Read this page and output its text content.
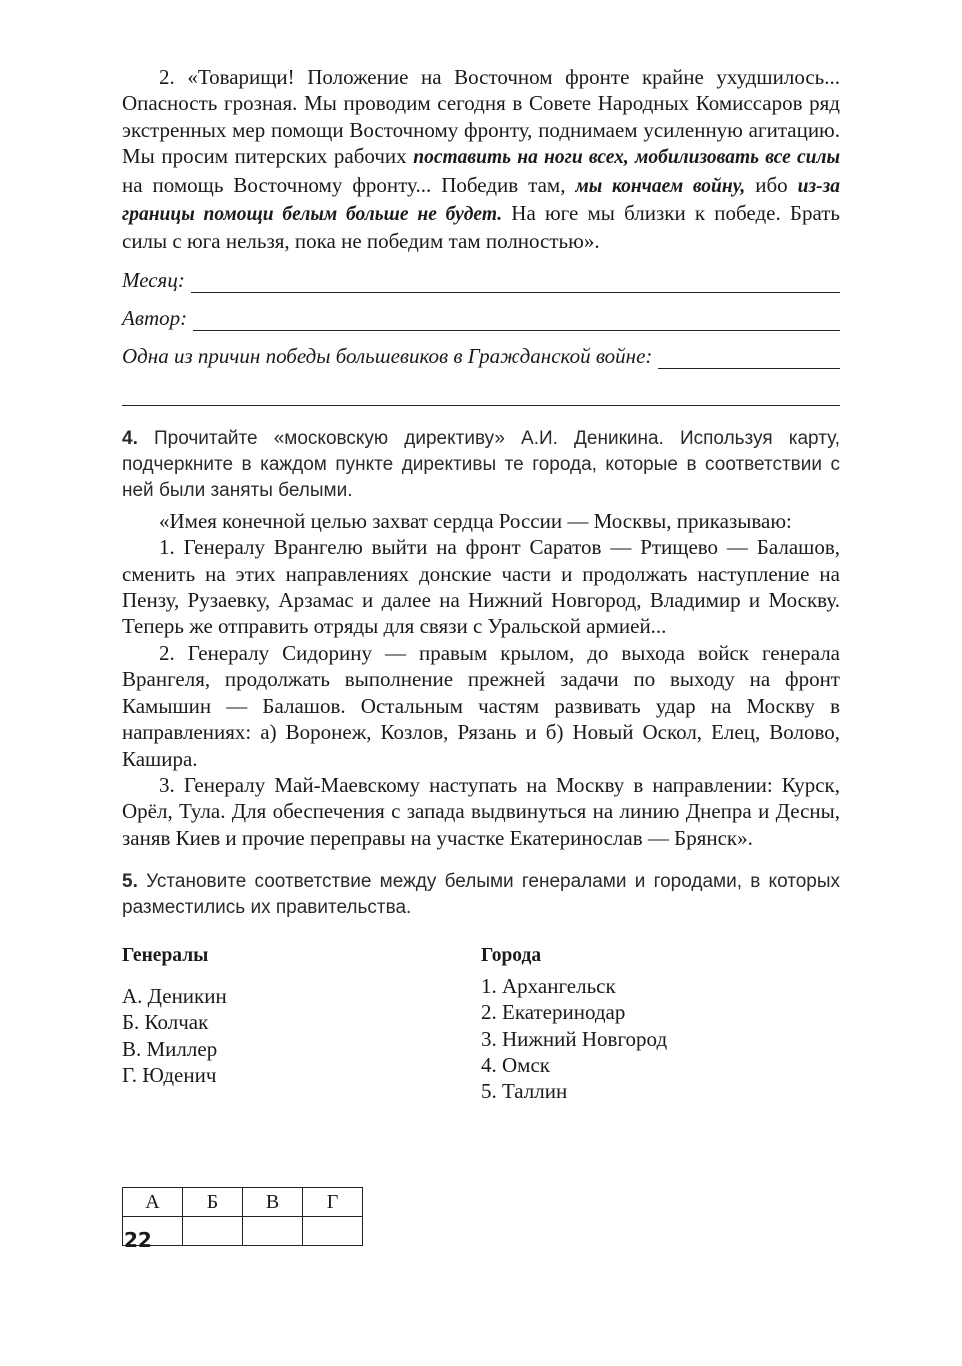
2. «Товарищи! Положение на Восточном фронте крайне ухудшилось... Опасность грозная. Мы проводим сегодня в Совете Народных Комиссаров ряд экстренных мер помощи Восточному фронту, поднимаем усиленную агитацию. Мы просим питерских рабочих поставить на ноги всех, мобилизовать все силы на помощь Восточному фронту... Победив там, мы кончаем войну, ибо из-за границы помощи белым больше не будет. На юге мы близки к победе. Брать силы с юга нельзя, пока не победим там полностью».

Месяц:
Автор:
Одна из причин победы большевиков в Гражданской войне:

4. Прочитайте «московскую директиву» А.И. Деникина. Используя карту, подчеркните в каждом пункте директивы те города, которые в соответствии с ней были заняты белыми.

«Имея конечной целью захват сердца России — Москвы, приказываю:

1. Генералу Врангелю выйти на фронт Саратов — Ртищево — Балашов, сменить на этих направлениях донские части и продолжать наступление на Пензу, Рузаевку, Арзамас и далее на Нижний Новгород, Владимир и Москву. Теперь же отправить отряды для связи с Уральской армией...

2. Генералу Сидорину — правым крылом, до выхода войск генерала Врангеля, продолжать выполнение прежней задачи по выходу на фронт Камышин — Балашов. Остальным частям развивать удар на Москву в направлениях: а) Воронеж, Козлов, Рязань и б) Новый Оскол, Елец, Волово, Кашира.

3. Генералу Май-Маевскому наступать на Москву в направлении: Курск, Орёл, Тула. Для обеспечения с запада выдвинуться на линию Днепра и Десны, заняв Киев и прочие переправы на участке Екатеринослав — Брянск».

5. Установите соответствие между белыми генералами и городами, в которых разместились их правительства.

Генералы
А. Деникин
Б. Колчак
В. Миллер
Г. Юденич
Города
1. Архангельск
2. Екатеринодар
3. Нижний Новгород
4. Омск
5. Таллин
А	Б	В	Г

22
